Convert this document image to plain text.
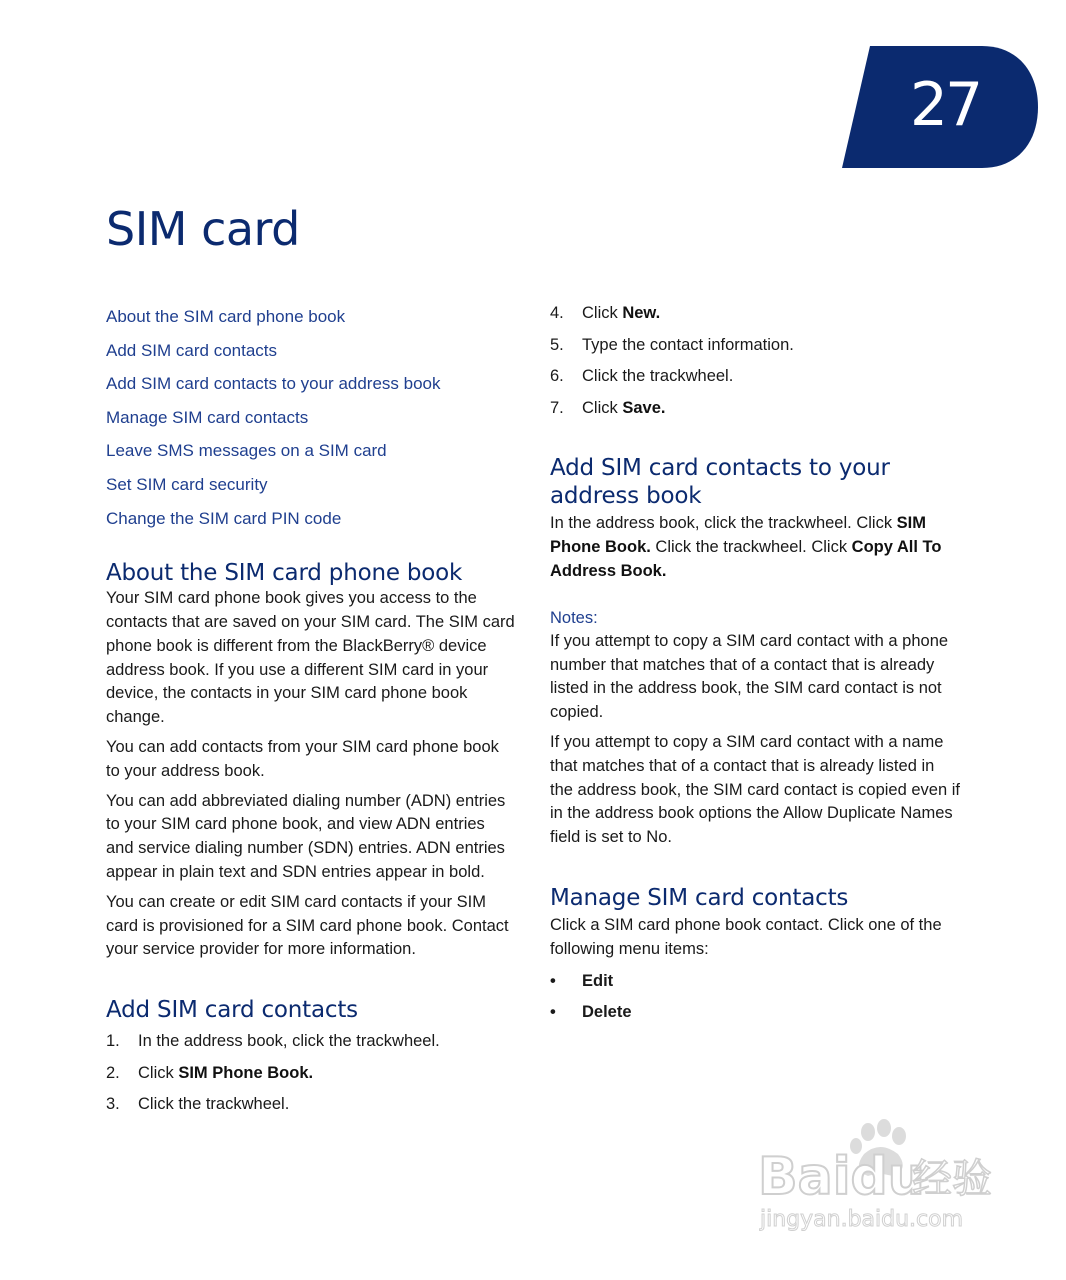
27
SIM card
About the SIM card phone book
Add SIM card contacts
Add SIM card contacts to your address book
Manage SIM card contacts
Leave SMS messages on a SIM card
Set SIM card security
Change the SIM card PIN code
About the SIM card phone book

Your SIM card phone book gives you access to the contacts that are saved on your SIM card. The SIM card phone book is different from the BlackBerry® device address book. If you use a different SIM card in your device, the contacts in your SIM card phone book change.

You can add contacts from your SIM card phone book to your address book.

You can add abbreviated dialing number (ADN) entries to your SIM card phone book, and view ADN entries and service dialing number (SDN) entries. ADN entries appear in plain text and SDN entries appear in bold.

You can create or edit SIM card contacts if your SIM card is provisioned for a SIM card phone book. Contact your service provider for more information.

Add SIM card contacts
1.	In the address book, click the trackwheel.
2.	Click SIM Phone Book.
3.	Click the trackwheel.
4.	Click New.
5.	Type the contact information.
6.	Click the trackwheel.
7.	Click Save.
Add SIM card contacts to your address book

In the address book, click the trackwheel. Click SIM Phone Book. Click the trackwheel. Click Copy All To Address Book.

Notes:

If you attempt to copy a SIM card contact with a phone number that matches that of a contact that is already listed in the address book, the SIM card contact is not copied.

If you attempt to copy a SIM card contact with a name that matches that of a contact that is already listed in the address book, the SIM card contact is copied even if in the address book options the Allow Duplicate Names field is set to No.

Manage SIM card contacts

Click a SIM card phone book contact. Click one of the following menu items:

•	Edit
•	Delete
Baidu
经验
jingyan.baidu.com
